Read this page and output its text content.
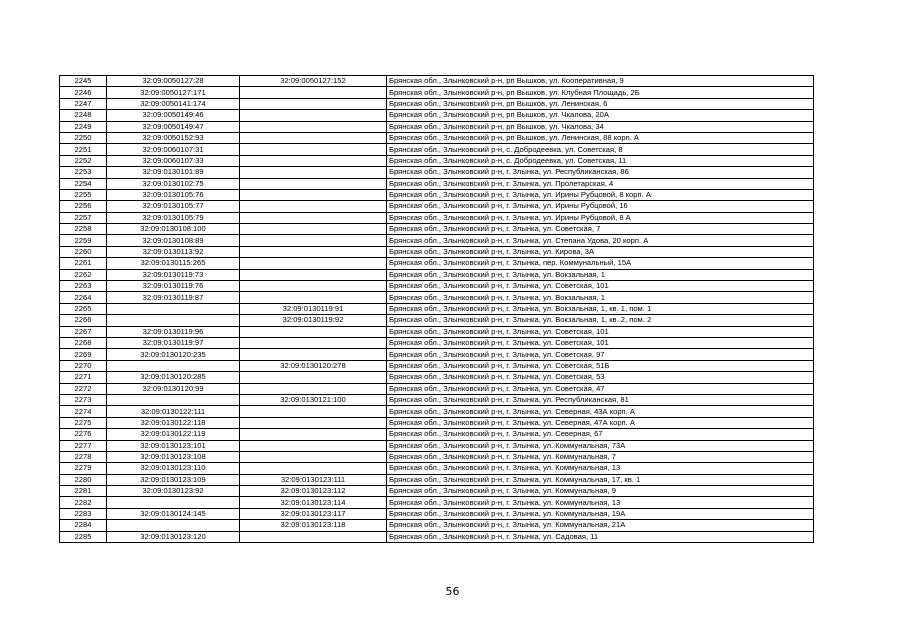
2245	32:09:0050127:28	32:09:0050127:152	Брянская обл., Злынковский р-н, рп Вышков, ул. Кооперативная, 9
2246	32:09:0050127:171		Брянская обл., Злынковский р-н, рп Вышков, ул. Клубная Площадь, 2Б
2247	32:09:0050141:174		Брянская обл., Злынковский р-н, рп Вышков, ул. Ленинская, 6
2248	32:09:0050149:46		Брянская обл., Злынковский р-н, рп Вышков, ул. Чкалова, 20А
2249	32:09:0050149:47		Брянская обл., Злынковский р-н, рп Вышков, ул. Чкалова, 34
2250	32:09:0050152:93		Брянская обл., Злынковский р-н, рп Вышков, ул. Ленинская, 88 корп. А
2251	32:09:0060107:31		Брянская обл., Злынковский р-н, с. Добродеевка, ул. Советская, 8
2252	32:09:0060107:33		Брянская обл., Злынковский р-н, с. Добродеевка, ул. Советская, 11
2253	32:09:0130101:89		Брянская обл., Злынковский р-н, г. Злынка, ул. Республиканская, 86
2254	32:09:0130102:75		Брянская обл., Злынковский р-н, г. Злынка, ул. Пролетарская, 4
2255	32:09:0130105:76		Брянская обл., Злынковский р-н, г. Злынка, ул. Ирины Рубцовой, 8 корп. А
2256	32:09:0130105:77		Брянская обл., Злынковский р-н, г. Злынка, ул. Ирины Рубцовой, 16
2257	32:09:0130105:79		Брянская обл., Злынковский р-н, г. Злынка, ул. Ирины Рубцовой, 8 А
2258	32:09:0130108:100		Брянская обл., Злынковский р-н, г. Злынка, ул. Советская, 7
2259	32:09:0130108:89		Брянская обл., Злынковский р-н, г. Злынка, ул. Степана Удова, 20 корп. А
2260	32:09:0130113:92		Брянская обл., Злынковский р-н, г. Злынка, ул. Кирова, 3А
2261	32:09:0130115:265		Брянская обл., Злынковский р-н, г. Злынка, пер. Коммунальный, 15А
2262	32:09:0130119:73		Брянская обл., Злынковский р-н, г. Злынка, ул. Вокзальная, 1
2263	32:09:0130119:76		Брянская обл., Злынковский р-н, г. Злынка, ул. Советская, 101
2264	32:09:0130119:87		Брянская обл., Злынковский р-н, г. Злынка, ул. Вокзальная, 1
2265		32:09:0130119:91	Брянская обл., Злынковский р-н, г. Злынка, ул. Вокзальная, 1, кв. 1, пом. 1
2266		32:09:0130119:92	Брянская обл., Злынковский р-н, г. Злынка, ул. Вокзальная, 1, кв. 2, пом. 2
2267	32:09:0130119:96		Брянская обл., Злынковский р-н, г. Злынка, ул. Советская, 101
2268	32:09:0130119:97		Брянская обл., Злынковский р-н, г. Злынка, ул. Советская, 101
2269	32:09:0130120:235		Брянская обл., Злынковский р-н, г. Злынка, ул. Советская, 97
2270		32:09:0130120:278	Брянская обл., Злынковский р-н, г. Злынка, ул. Советская, 51Б
2271	32:09:0130120:285		Брянская обл., Злынковский р-н, г. Злынка, ул. Советская, 53
2272	32:09:0130120:99		Брянская обл., Злынковский р-н, г. Злынка, ул. Советская, 47
2273		32:09:0130121:100	Брянская обл., Злынковский р-н, г. Злынка, ул. Республиканская, 81
2274	32:09:0130122:111		Брянская обл., Злынковский р-н, г. Злынка, ул. Северная, 43А корп. А
2275	32:09:0130122:118		Брянская обл., Злынковский р-н, г. Злынка, ул. Северная, 47А корп. А
2276	32:09:0130122:119		Брянская обл., Злынковский р-н, г. Злынка, ул. Северная, 67
2277	32:09:0130123:101		Брянская обл., Злынковский р-н, г. Злынка, ул. Коммунальная, 73А
2278	32:09:0130123:108		Брянская обл., Злынковский р-н, г. Злынка, ул. Коммунальная, 7
2279	32:09:0130123:110		Брянская обл., Злынковский р-н, г. Злынка, ул. Коммунальная, 13
2280	32:09:0130123:109	32:09:0130123:111	Брянская обл., Злынковский р-н, г. Злынка, ул. Коммунальная, 17, кв. 1
2281	32:09:0130123:92	32:09:0130123:112	Брянская обл., Злынковский р-н, г. Злынка, ул. Коммунальная, 9
2282		32:09:0130123:114	Брянская обл., Злынковский р-н, г. Злынка, ул. Коммунальная, 13
2283	32:09:0130124:145	32:09:0130123:117	Брянская обл., Злынковский р-н, г. Злынка, ул. Коммунальная, 19А
2284		32:09:0130123:118	Брянская обл., Злынковский р-н, г. Злынка, ул. Коммунальная, 21А
2285	32:09:0130123:120		Брянская обл., Злынковский р-н, г. Злынка, ул. Садовая, 11
56
